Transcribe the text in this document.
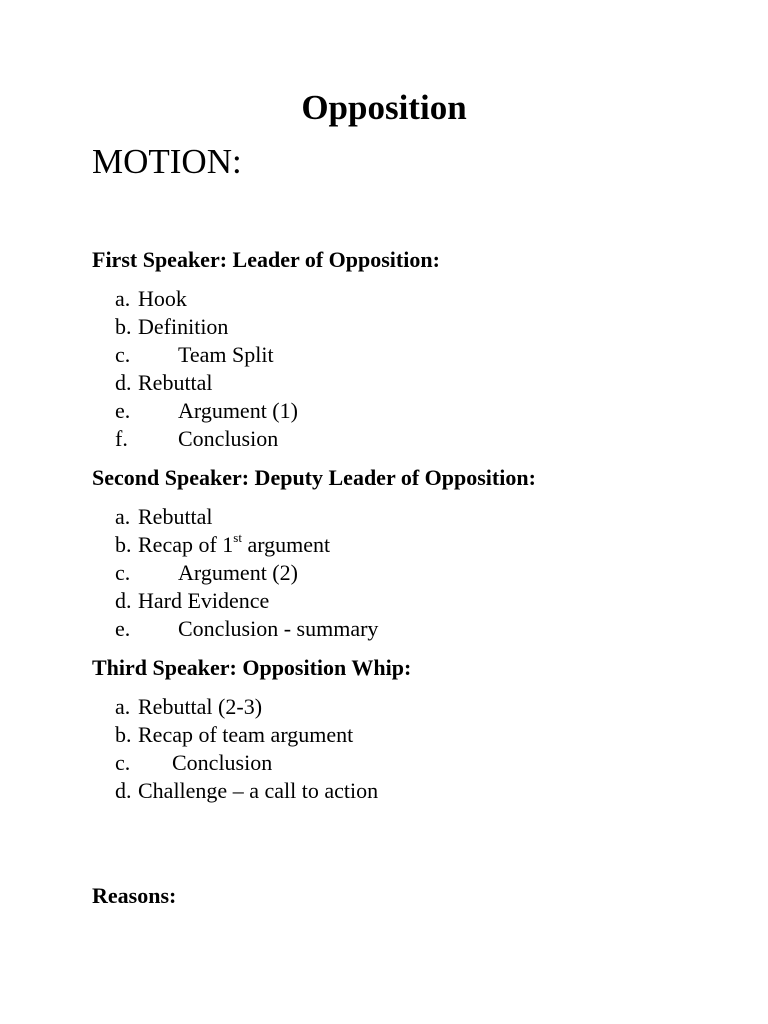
Opposition
MOTION:
First Speaker: Leader of Opposition:
a. Hook
b. Definition
c. Team Split
d. Rebuttal
e. Argument (1)
f. Conclusion
Second Speaker: Deputy Leader of Opposition:
a. Rebuttal
b. Recap of 1st argument
c. Argument (2)
d. Hard Evidence
e. Conclusion - summary
Third Speaker: Opposition Whip:
a. Rebuttal (2-3)
b. Recap of team argument
c. Conclusion
d. Challenge – a call to action
Reasons:
